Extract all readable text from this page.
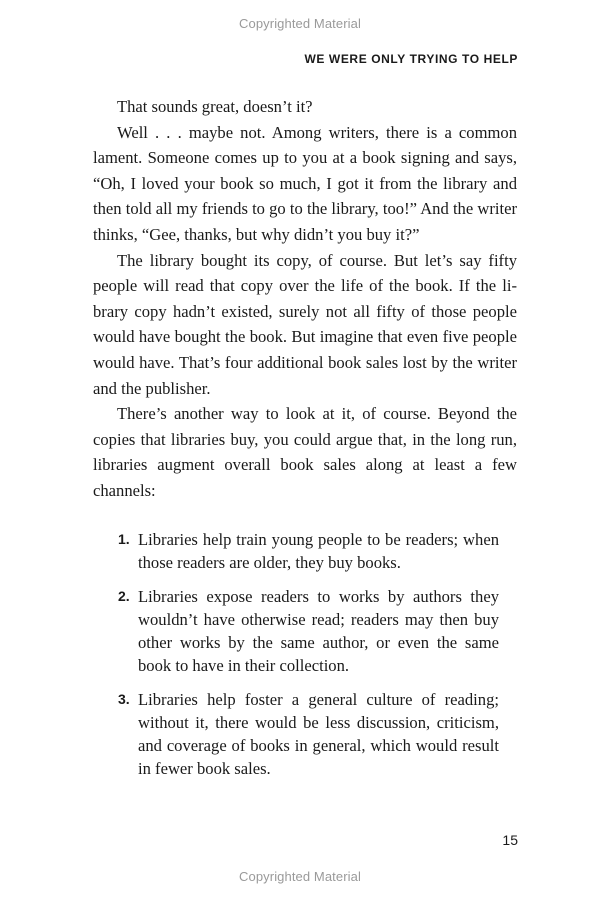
Copyrighted Material
WE WERE ONLY TRYING TO HELP

That sounds great, doesn’t it?

Well . . . maybe not. Among writers, there is a common lament. Someone comes up to you at a book signing and says, “Oh, I loved your book so much, I got it from the library and then told all my friends to go to the library, too!” And the writer thinks, “Gee, thanks, but why didn’t you buy it?”

The library bought its copy, of course. But let’s say fifty people will read that copy over the life of the book. If the library copy hadn’t existed, surely not all fifty of those people would have bought the book. But imagine that even five people would have. That’s four additional book sales lost by the writer and the publisher.

There’s another way to look at it, of course. Beyond the copies that libraries buy, you could argue that, in the long run, libraries augment overall book sales along at least a few channels:

1. Libraries help train young people to be readers; when those readers are older, they buy books.
2. Libraries expose readers to works by authors they wouldn’t have otherwise read; readers may then buy other works by the same author, or even the same book to have in their collection.
3. Libraries help foster a general culture of reading; without it, there would be less discussion, criticism, and coverage of books in general, which would result in fewer book sales.
15
Copyrighted Material
